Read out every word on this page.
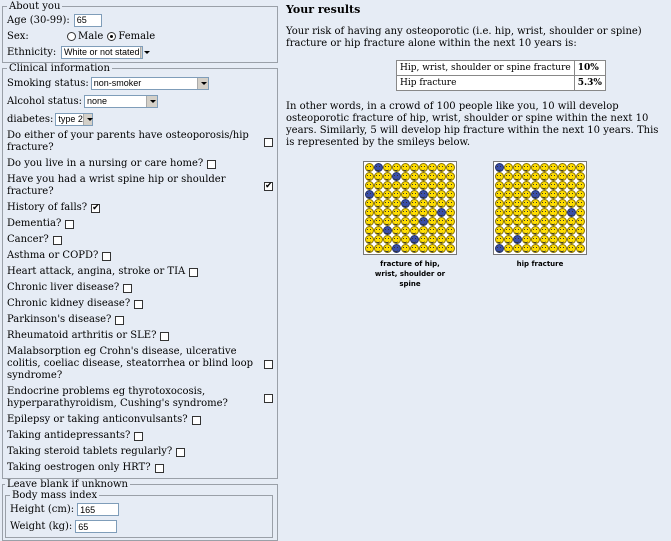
About you
Age (30-99):
65
Sex:	Male Female
Ethnicity: White or not stated
Clinical information
Smoking status: non-smoker
Alcohol status: none
diabetes: type 2
Do either of your parents have osteoporosis/hip fracture?
Do you live in a nursing or care home?
Have you had a wrist spine hip or shoulder fracture?
✔
History of falls?
✔
Dementia?
Cancer?
Asthma or COPD?
Heart attack, angina, stroke or TIA
Chronic liver disease?
Chronic kidney disease?
Parkinson's disease?
Rheumatoid arthritis or SLE?
Malabsorption eg Crohn's disease, ulcerative colitis, coeliac disease, steatorrhea or blind loop syndrome?
Endocrine problems eg thyrotoxocosis, hyperparathyroidism, Cushing's syndrome?
Epilepsy or taking anticonvulsants?
Taking antidepressants?
Taking steroid tablets regularly?
Taking oestrogen only HRT?
Leave blank if unknown
Body mass index
Height (cm):
165
Weight (kg):
65
Your results

Your risk of having any osteoporotic (i.e. hip, wrist, shoulder or spine) fracture or hip fracture alone within the next 10 years is:

Hip, wrist, shoulder or spine fracture	10%
Hip fracture	5.3%

In other words, in a crowd of 100 people like you, 10 will develop osteoporotic fracture of hip, wrist, shoulder or spine within the next 10 years. Similarly, 5 will develop hip fracture within the next 10 years. This is represented by the smileys below.

fracture of hip, wrist, shoulder or spine
hip fracture
